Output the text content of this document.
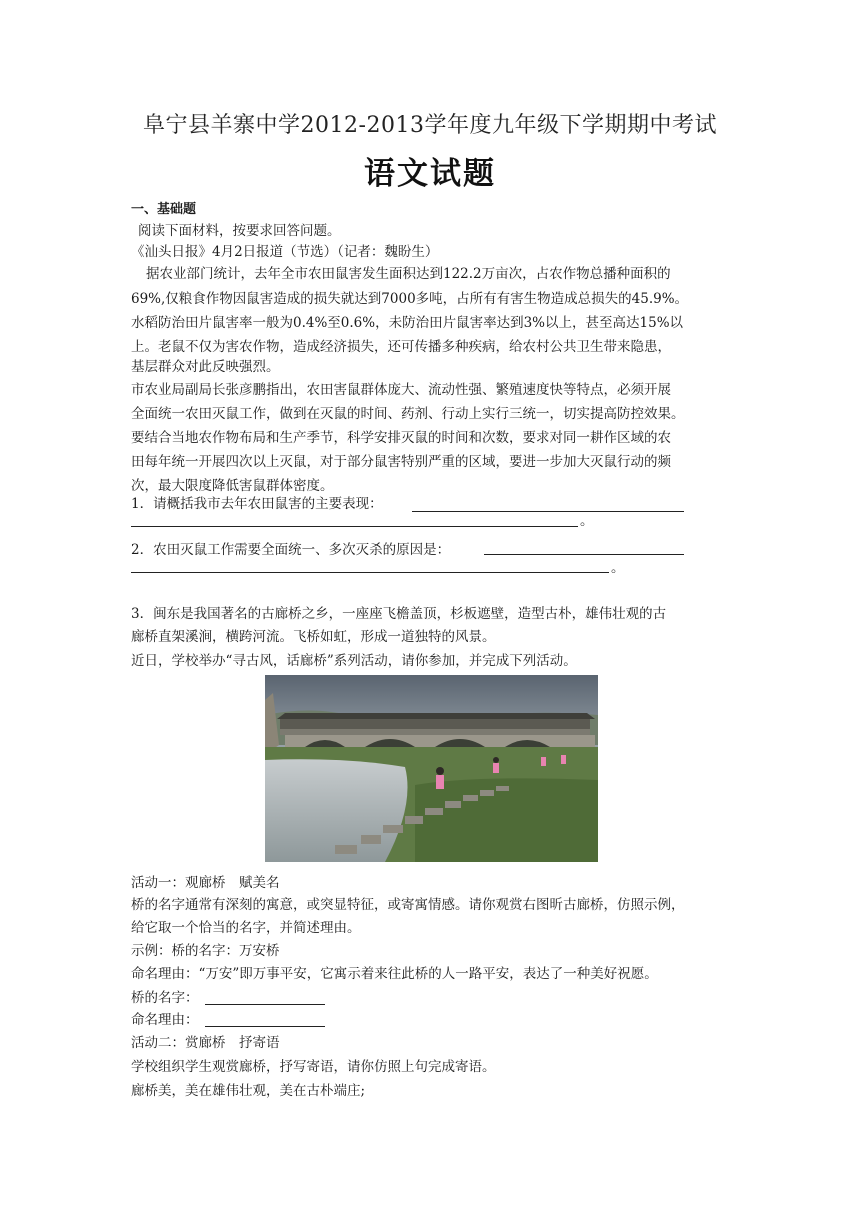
阜宁县羊寨中学2012-2013学年度九年级下学期期中考试
语文试题
一、基础题
阅读下面材料，按要求回答问题。
《汕头日报》4月2日报道（节选）（记者：魏盼生）
据农业部门统计，去年全市农田鼠害发生面积达到122.2万亩次，占农作物总播种面积的
69%,仅粮食作物因鼠害造成的损失就达到7000多吨，占所有有害生物造成总损失的45.9%。
水稻防治田片鼠害率一般为0.4%至0.6%，未防治田片鼠害率达到3%以上，甚至高达15%以
上。老鼠不仅为害农作物，造成经济损失，还可传播多种疾病，给农村公共卫生带来隐患，
基层群众对此反映强烈。
市农业局副局长张彦鹏指出，农田害鼠群体庞大、流动性强、繁殖速度快等特点，必须开展
全面统一农田灭鼠工作，做到在灭鼠的时间、药剂、行动上实行三统一，切实提高防控效果。
要结合当地农作物布局和生产季节，科学安排灭鼠的时间和次数，要求对同一耕作区域的农
田每年统一开展四次以上灭鼠，对于部分鼠害特别严重的区域，要进一步加大灭鼠行动的频
次，最大限度降低害鼠群体密度。
1．请概括我市去年农田鼠害的主要表现：
。
2．农田灭鼠工作需要全面统一、多次灭杀的原因是：
。
3．闽东是我国著名的古廊桥之乡，一座座飞檐盖顶，杉板遮壁，造型古朴，雄伟壮观的古
廊桥直架溪涧，横跨河流。飞桥如虹，形成一道独特的风景。
近日，学校举办“寻古风，话廊桥”系列活动，请你参加，并完成下列活动。
活动一：观廊桥　赋美名
桥的名字通常有深刻的寓意，或突显特征，或寄寓情感。请你观赏右图昕古廊桥，仿照示例，
给它取一个恰当的名字，并简述理由。
示例：桥的名字：万安桥
命名理由：“万安”即万事平安，它寓示着来往此桥的人一路平安，表达了一种美好祝愿。
桥的名字：
命名理由：
活动二：赏廊桥　抒寄语
学校组织学生观赏廊桥，抒写寄语，请你仿照上句完成寄语。
廊桥美，美在雄伟壮观，美在古朴端庄;
